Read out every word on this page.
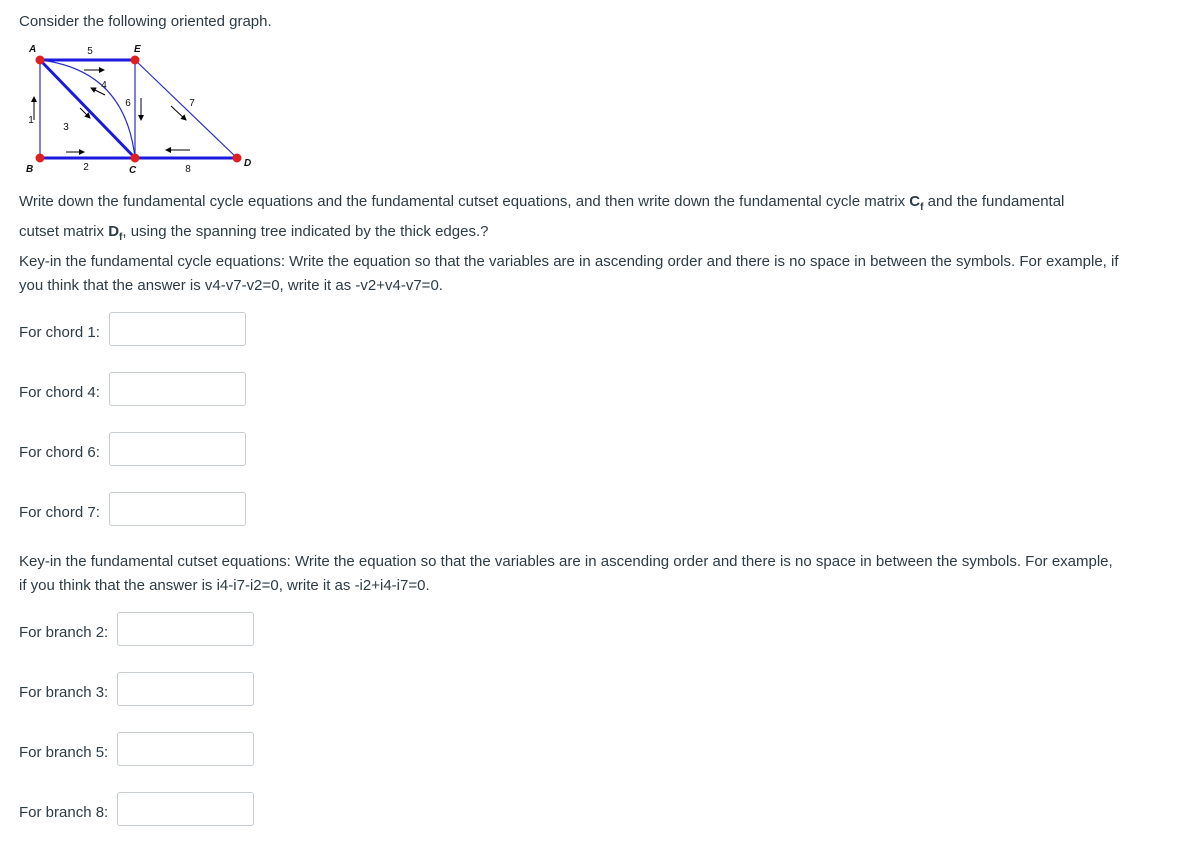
Consider the following oriented graph.
5
1
4
3
6	7
2	8
A	E
B	C
D
Write down the fundamental cycle equations and the fundamental cutset equations, and then write down the fundamental cycle matrix $C_f$ and the fundamental
cutset matrix $D_f$, using the spanning tree indicated by the thick edges.?
Key-in the fundamental cycle equations: Write the equation so that the variables are in ascending order and there is no space in between the symbols. For example, if
you think that the answer is v4-v7-v2=0, write it as -v2+v4-v7=0.
For chord 1:
For chord 4:
For chord 6:
For chord 7:
Key-in the fundamental cutset equations: Write the equation so that the variables are in ascending order and there is no space in between the symbols. For example,
if you think that the answer is i4-i7-i2=0, write it as -i2+i4-i7=0.
For branch 2:
For branch 3:
For branch 5:
For branch 8:
